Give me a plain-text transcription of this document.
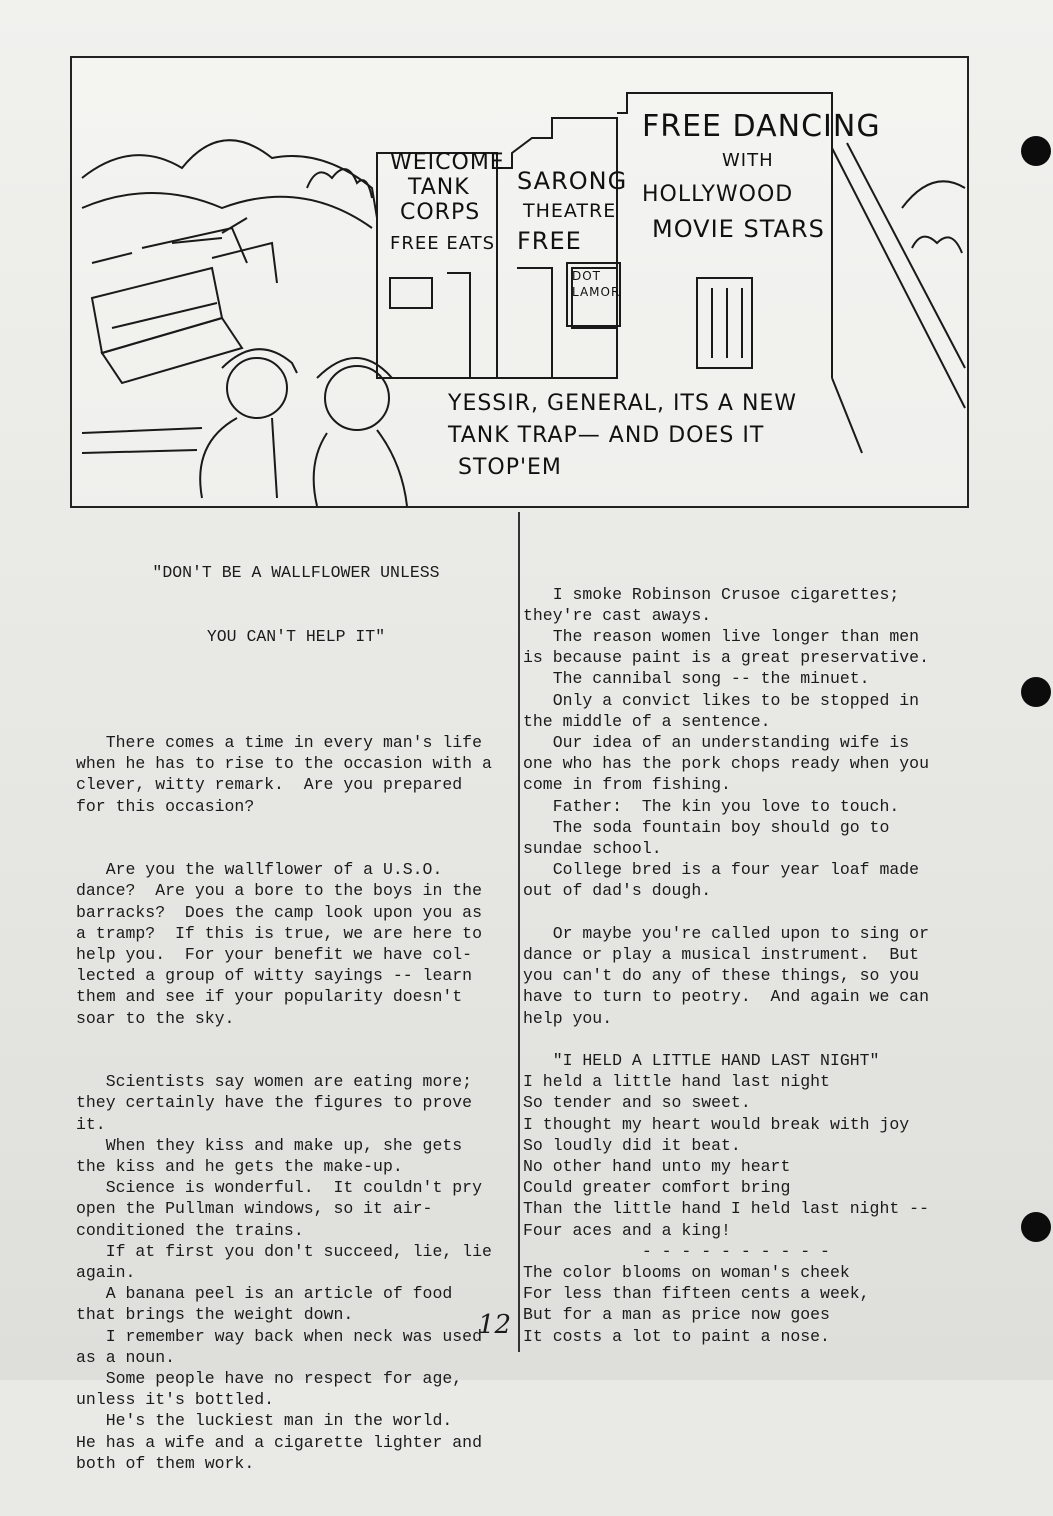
WEICOME
TANK
CORPS
FREE EATS
SARONG
THEATRE
FREE
DOT
LAMOR
FREE DANCING
WITH
HOLLYWOOD
MOVIE STARS
YESSIR, GENERAL, ITS A NEW
TANK TRAP— AND DOES IT
STOP'EM

"DON'T BE A WALLFLOWER UNLESS

YOU CAN'T HELP IT"

There comes a time in every man's life
when he has to rise to the occasion with a
clever, witty remark.  Are you prepared
for this occasion?
Are you the wallflower of a U.S.O.
dance?  Are you a bore to the boys in the
barracks?  Does the camp look upon you as
a tramp?  If this is true, we are here to
help you.  For your benefit we have col-
lected a group of witty sayings -- learn
them and see if your popularity doesn't
soar to the sky.
Scientists say women are eating more;
they certainly have the figures to prove
it.
When they kiss and make up, she gets
the kiss and he gets the make-up.
Science is wonderful.  It couldn't pry
open the Pullman windows, so it air-
conditioned the trains.
If at first you don't succeed, lie, lie
again.
A banana peel is an article of food
that brings the weight down.
I remember way back when neck was used
as a noun.
Some people have no respect for age,
unless it's bottled.
He's the luckiest man in the world.
He has a wife and a cigarette lighter and
both of them work.

I smoke Robinson Crusoe cigarettes;
they're cast aways.
The reason women live longer than men
is because paint is a great preservative.
The cannibal song -- the minuet.
Only a convict likes to be stopped in
the middle of a sentence.
Our idea of an understanding wife is
one who has the pork chops ready when you
come in from fishing.
Father:  The kin you love to touch.
The soda fountain boy should go to
sundae school.
College bred is a four year loaf made
out of dad's dough.
Or maybe you're called upon to sing or
dance or play a musical instrument.  But
you can't do any of these things, so you
have to turn to peotry.  And again we can
help you.
"I HELD A LITTLE HAND LAST NIGHT"
I held a little hand last night
So tender and so sweet.
I thought my heart would break with joy
So loudly did it beat.
No other hand unto my heart
Could greater comfort bring
Than the little hand I held last night --
Four aces and a king!
- - - - - - - - - -
The color blooms on woman's cheek
For less than fifteen cents a week,
But for a man as price now goes
It costs a lot to paint a nose.

12
